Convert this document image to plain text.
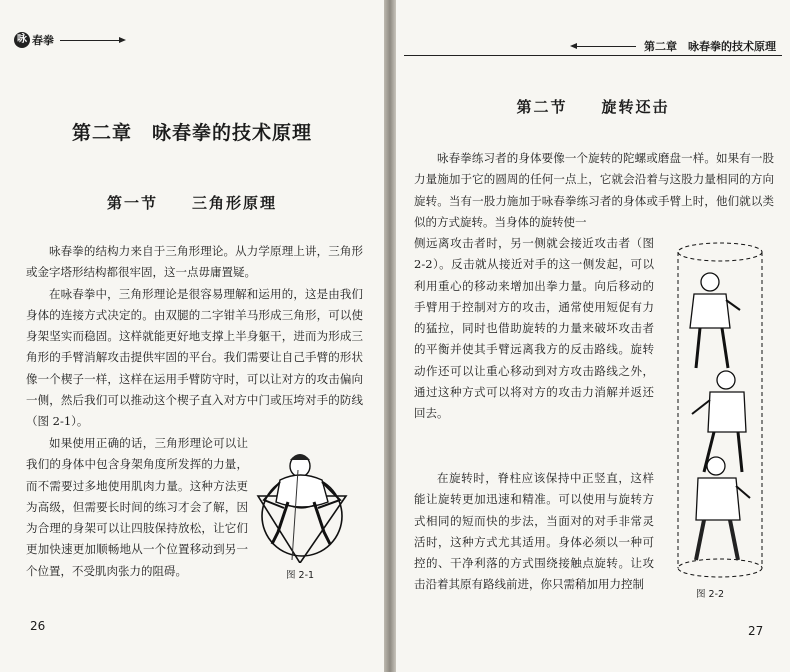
咏 春拳
第二章　咏春拳的技术原理
第一节　　三角形原理

咏春拳的结构力来自于三角形理论。从力学原理上讲，三角形或金字塔形结构都很牢固，这一点毋庸置疑。

在咏春拳中，三角形理论是很容易理解和运用的，这是由我们身体的连接方式决定的。由双腿的二字钳羊马形成三角形，可以使身架坚实而稳固。这样就能更好地支撑上半身躯干，进而为形成三角形的手臂消解攻击提供牢固的平台。我们需要让自己手臂的形状像一个楔子一样，这样在运用手臂防守时，可以让对方的攻击偏向一侧，然后我们可以推动这个楔子直入对方中门或压垮对手的防线（图 2-1）。

如果使用正确的话，三角形理论可以让我们的身体中包含身架角度所发挥的力量，而不需要过多地使用肌肉力量。这种方法更为高级，但需要长时间的练习才会了解，因为合理的身架可以让四肢保持放松，让它们更加快速更加顺畅地从一个位置移动到另一个位置，不受肌肉张力的阻碍。	图 2-1
26
第二章　咏春拳的技术原理
第二节　　旋转还击

咏春拳练习者的身体要像一个旋转的陀螺或磨盘一样。如果有一股力量施加于它的圆周的任何一点上，它就会沿着与这股力量相同的方向旋转。当有一股力施加于咏春拳练习者的身体或手臂上时，他们就以类似的方式旋转。当身体的旋转使一

侧远离攻击者时，另一侧就会接近攻击者（图 2-2）。反击就从接近对手的这一侧发起，可以利用重心的移动来增加出拳力量。向后移动的手臂用于控制对方的攻击，通常使用短促有力的猛拉，同时也借助旋转的力量来破坏攻击者的平衡并使其手臂远离我方的反击路线。旋转动作还可以让重心移动到对方攻击路线之外，通过这种方式可以将对方的攻击力消解并返还回去。

在旋转时，脊柱应该保持中正竖直，这样能让旋转更加迅速和精准。可以使用与旋转方式相同的短而快的步法，当面对的对手非常灵活时，这种方式尤其适用。身体必须以一种可控的、干净利落的方式围绕接触点旋转。让攻击沿着其原有路线前进，你只需稍加用力控制

图 2-2
27
